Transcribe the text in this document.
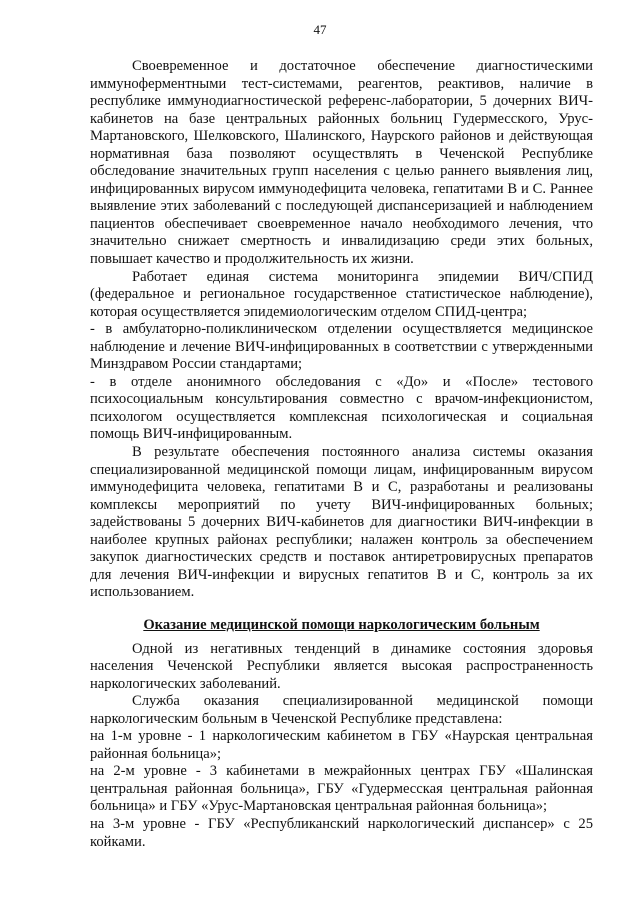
47

Своевременное и достаточное обеспечение диагностическими иммуноферментными тест-системами, реагентов, реактивов, наличие в республике иммунодиагностической референс-лаборатории, 5 дочерних ВИЧ-кабинетов на базе центральных районных больниц Гудермесского, Урус-Мартановского, Шелковского, Шалинского, Наурского районов и действующая нормативная база позволяют осуществлять в Чеченской Республике обследование значительных групп населения с целью раннего выявления лиц, инфицированных вирусом иммунодефицита человека, гепатитами В и С. Раннее выявление этих заболеваний с последующей диспансеризацией и наблюдением пациентов обеспечивает своевременное начало необходимого лечения, что значительно снижает смертность и инвалидизацию среди этих больных, повышает качество и продолжительность их жизни.

Работает единая система мониторинга эпидемии ВИЧ/СПИД (федеральное и региональное государственное статистическое наблюдение), которая осуществляется эпидемиологическим отделом СПИД-центра;

- в амбулаторно-поликлиническом отделении осуществляется медицинское наблюдение и лечение ВИЧ-инфицированных в соответствии с утвержденными Минздравом России стандартами;

- в отделе анонимного обследования с «До» и «После» тестового психосоциальным консультирования совместно с врачом-инфекционистом, психологом осуществляется комплексная психологическая и социальная помощь ВИЧ-инфицированным.

В результате обеспечения постоянного анализа системы оказания специализированной медицинской помощи лицам, инфицированным вирусом иммунодефицита человека, гепатитами В и С, разработаны и реализованы комплексы мероприятий по учету ВИЧ-инфицированных больных; задействованы 5 дочерних ВИЧ-кабинетов для диагностики ВИЧ-инфекции в наиболее крупных районах республики; налажен контроль за обеспечением закупок диагностических средств и поставок антиретровирусных препаратов для лечения ВИЧ-инфекции и вирусных гепатитов В и С, контроль за их использованием.

Оказание медицинской помощи наркологическим больным

Одной из негативных тенденций в динамике состояния здоровья населения Чеченской Республики является высокая распространенность наркологических заболеваний.

Служба оказания специализированной медицинской помощи наркологическим больным в Чеченской Республике представлена:

на 1-м уровне - 1 наркологическим кабинетом в ГБУ «Наурская центральная районная больница»;

на 2-м уровне - 3 кабинетами в межрайонных центрах ГБУ «Шалинская центральная районная больница», ГБУ «Гудермесская центральная районная больница» и ГБУ «Урус-Мартановская центральная районная больница»;

на 3-м уровне - ГБУ «Республиканский наркологический диспансер» с 25 койками.
